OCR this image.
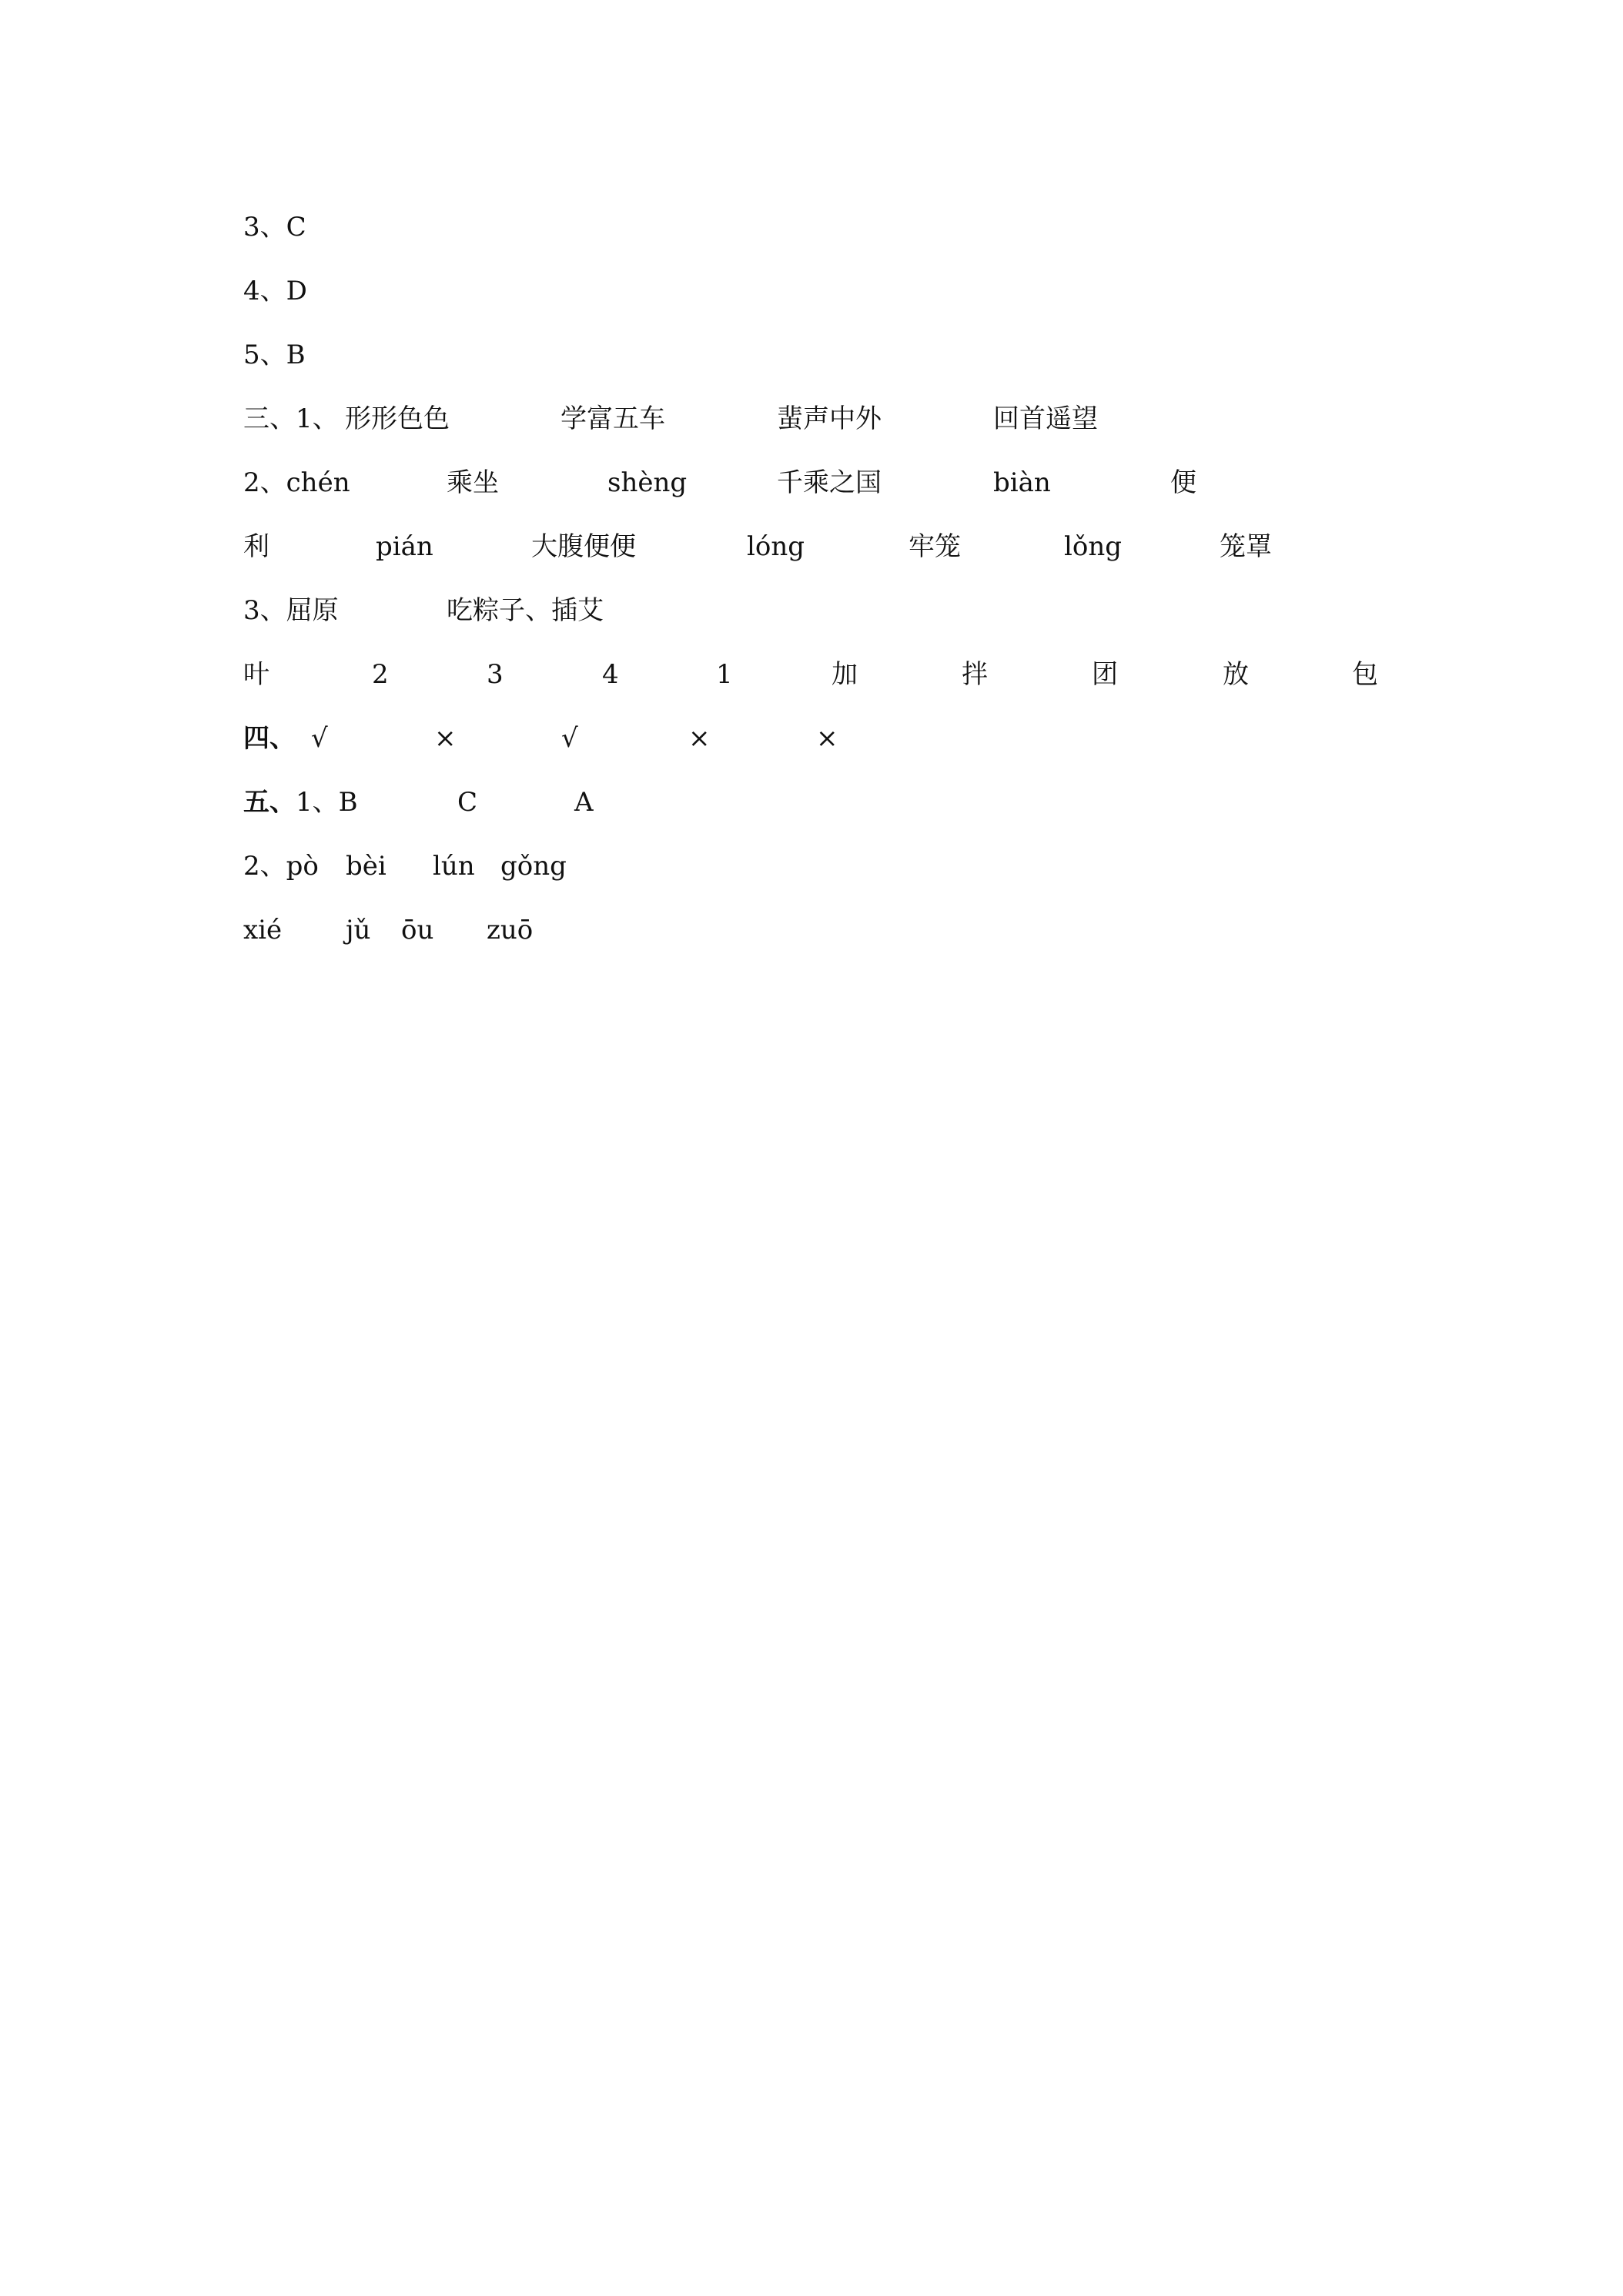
3、C
4、D
5、B
三、1、 形形色色	学富五车	蜚声中外	回首遥望
2、chén	乘坐	shèng	千乘之国	biàn	便
利	pián	大腹便便	lóng	牢笼	lǒng	笼罩
3、屈原	吃粽子、插艾
叶	2	3	4	1	加	拌	团	放	包
四、 √	×	√	×	×
五、 1、B	C	A
2、pò bèi lún gǒng
xié jǔ ōu zuō
